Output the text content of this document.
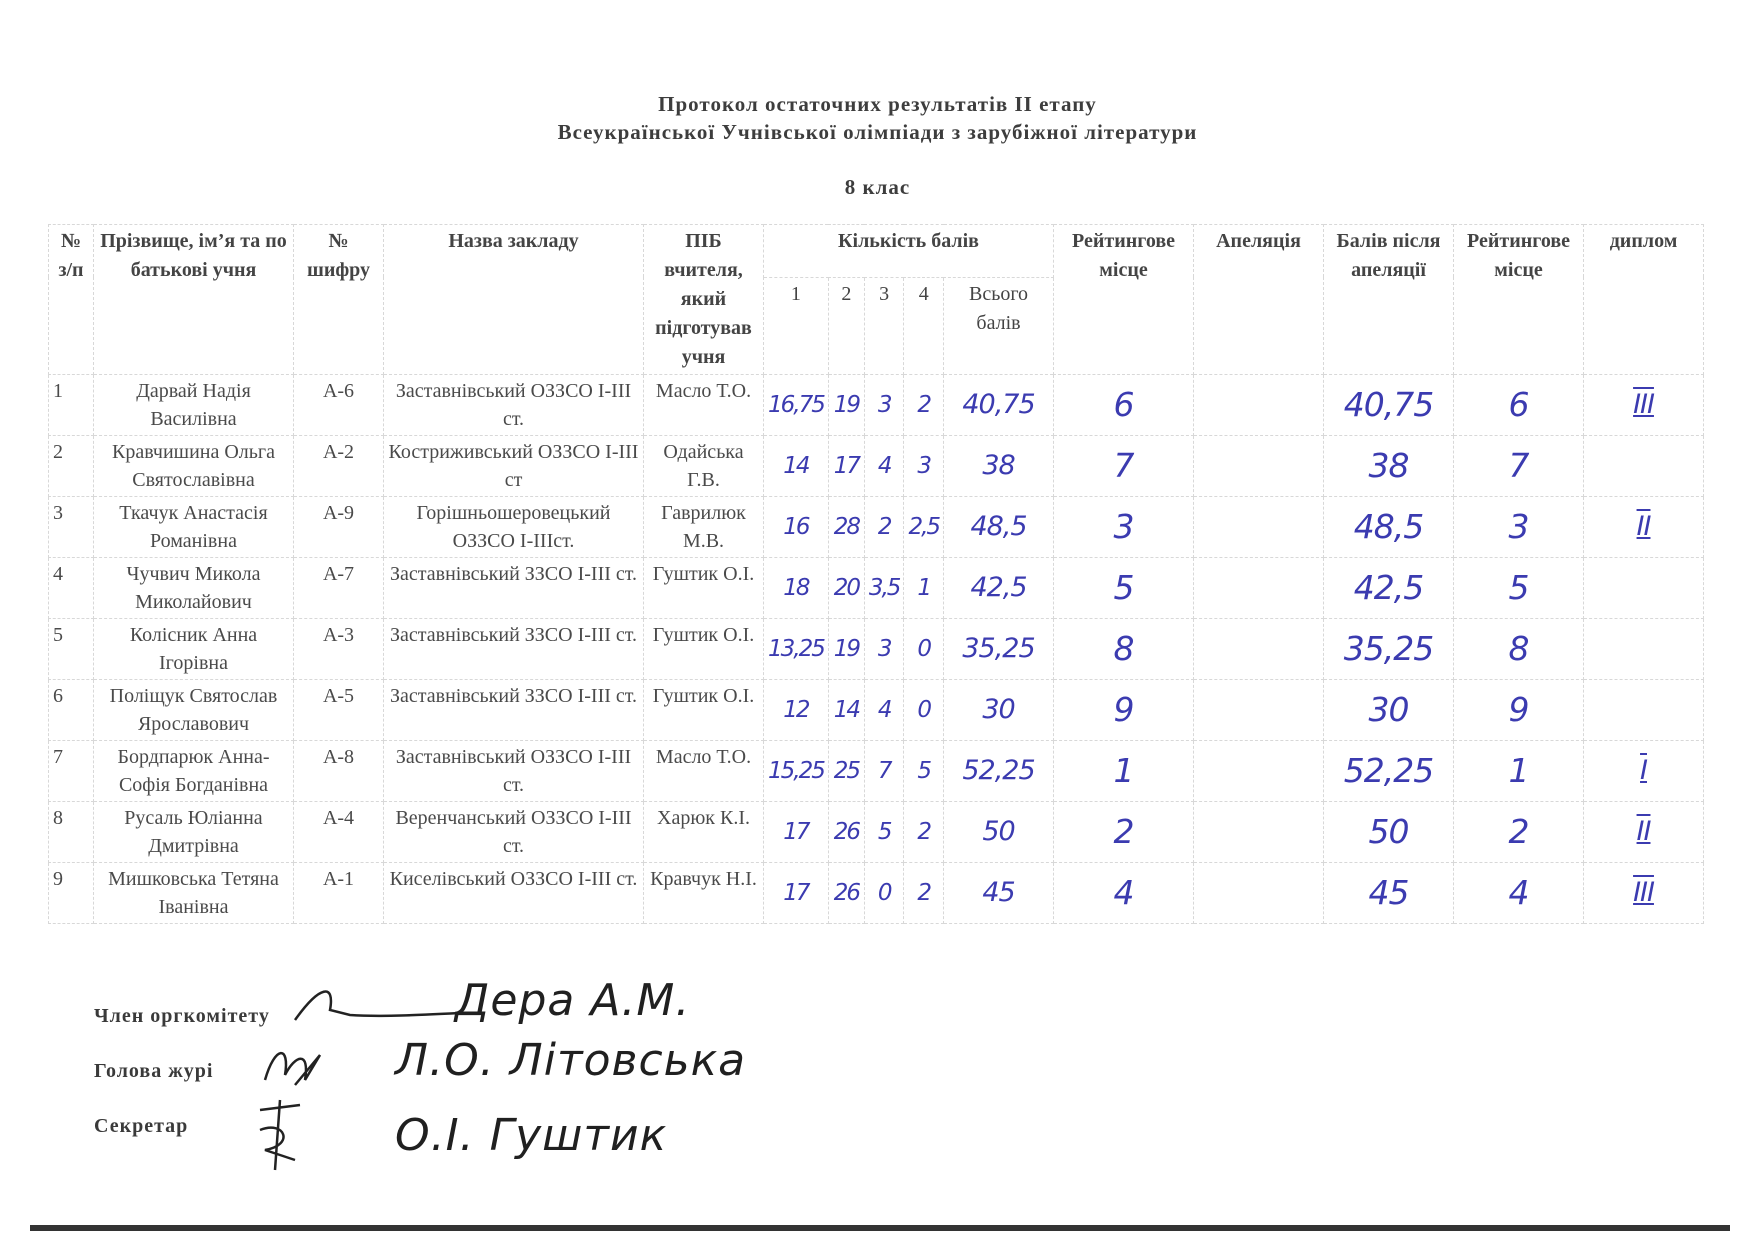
Протокол остаточних результатів ІІ етапу
Всеукраїнської Учнівської олімпіади з зарубіжної літератури
8 клас
№ з/п	Прізвище, ім’я та по батькові учня	№ шифру	Назва закладу	ПІБ вчителя, який підготував учня	Кількість балів					Рейтингове місце	Апеляція	Балів після апеляції	Рейтингове місце	диплом
					1	2	3	4	Всього балів					
1	Дарвай Надія Василівна	А-6	Заставнівський ОЗЗСО І-ІІІ ст.	Масло Т.О.	16,75	19	3	2	40,75	6		40,75	6	ІІІ
2	Кравчишина Ольга Святославівна	А-2	Костриживський ОЗЗСО І-ІІІ ст	Одайська Г.В.	14	17	4	3	38	7		38	7	
3	Ткачук Анастасія Романівна	А-9	Горішньошеровецький ОЗЗСО І-ІІІст.	Гаврилюк М.В.	16	28	2	2,5	48,5	3		48,5	3	ІІ
4	Чучвич Микола Миколайович	А-7	Заставнівський ЗЗСО І-ІІІ ст.	Гуштик О.І.	18	20	3,5	1	42,5	5		42,5	5	
5	Колісник Анна Ігорівна	А-3	Заставнівський ЗЗСО І-ІІІ ст.	Гуштик О.І.	13,25	19	3	0	35,25	8		35,25	8	
6	Поліщук Святослав Ярославович	А-5	Заставнівський ЗЗСО І-ІІІ ст.	Гуштик О.І.	12	14	4	0	30	9		30	9	
7	Бордпарюк Анна-Софія Богданівна	А-8	Заставнівський ОЗЗСО І-ІІІ ст.	Масло Т.О.	15,25	25	7	5	52,25	1		52,25	1	І
8	Русаль Юліанна Дмитрівна	А-4	Веренчанський ОЗЗСО І-ІІІ ст.	Харюк К.І.	17	26	5	2	50	2		50	2	ІІ
9	Мишковська Тетяна Іванівна	А-1	Киселівський ОЗЗСО І-ІІІ ст.	Кравчук Н.І.	17	26	0	2	45	4		45	4	ІІІ
Член оргкомітету	Дера А.М.
Голова журі	Л.О. Літовська
Секретар	О.І. Гуштик
